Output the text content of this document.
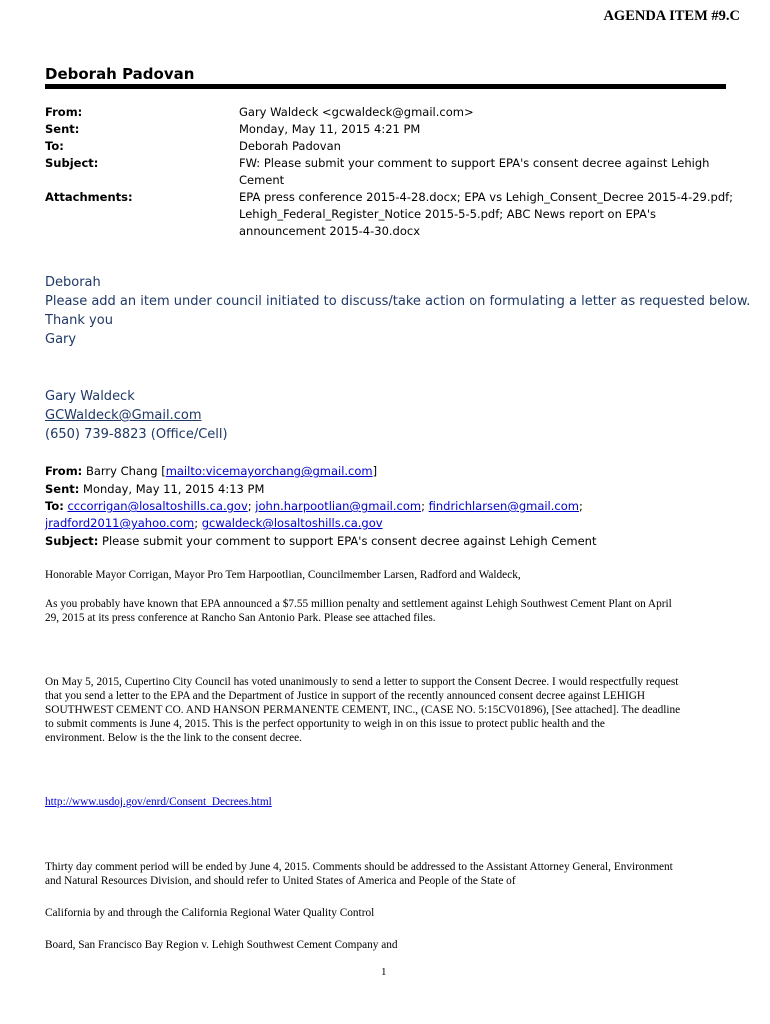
AGENDA ITEM #9.C
Deborah Padovan
From:	Gary Waldeck <gcwaldeck@gmail.com>
Sent:	Monday, May 11, 2015 4:21 PM
To:	Deborah Padovan
Subject:	FW: Please submit your comment to support EPA's consent decree against Lehigh
Cement
Attachments:	EPA press conference 2015-4-28.docx; EPA vs Lehigh_Consent_Decree 2015-4-29.pdf;
Lehigh_Federal_Register_Notice 2015-5-5.pdf; ABC News report on EPA's
announcement 2015-4-30.docx
Deborah
Please add an item under council initiated to discuss/take action on formulating a letter as requested below.
Thank you
Gary
Gary Waldeck
GCWaldeck@Gmail.com
(650) 739-8823 (Office/Cell)
From: Barry Chang [mailto:vicemayorchang@gmail.com]
Sent: Monday, May 11, 2015 4:13 PM
To: cccorrigan@losaltoshills.ca.gov; john.harpootlian@gmail.com; findrichlarsen@gmail.com;
jradford2011@yahoo.com; gcwaldeck@losaltoshills.ca.gov
Subject: Please submit your comment to support EPA's consent decree against Lehigh Cement
Honorable Mayor Corrigan, Mayor Pro Tem Harpootlian, Councilmember Larsen, Radford and Waldeck,
As you probably have known that EPA announced a $7.55 million penalty and settlement against Lehigh Southwest Cement Plant on April
29, 2015 at its press conference at Rancho San Antonio Park. Please see attached files.
On May 5, 2015, Cupertino City Council has voted unanimously to send a letter to support the Consent Decree. I would respectfully request
that you send a letter to the EPA and the Department of Justice in support of the recently announced consent decree against LEHIGH
SOUTHWEST CEMENT CO. AND HANSON PERMANENTE CEMENT, INC., (CASE NO. 5:15CV01896), [See attached]. The deadline
to submit comments is June 4, 2015. This is the perfect opportunity to weigh in on this issue to protect public health and the
environment. Below is the the link to the consent decree.
http://www.usdoj.gov/enrd/Consent_Decrees.html
Thirty day comment period will be ended by June 4, 2015. Comments should be addressed to the Assistant Attorney General, Environment
and Natural Resources Division, and should refer to United States of America and People of the State of
California by and through the California Regional Water Quality Control
Board, San Francisco Bay Region v. Lehigh Southwest Cement Company and
1
